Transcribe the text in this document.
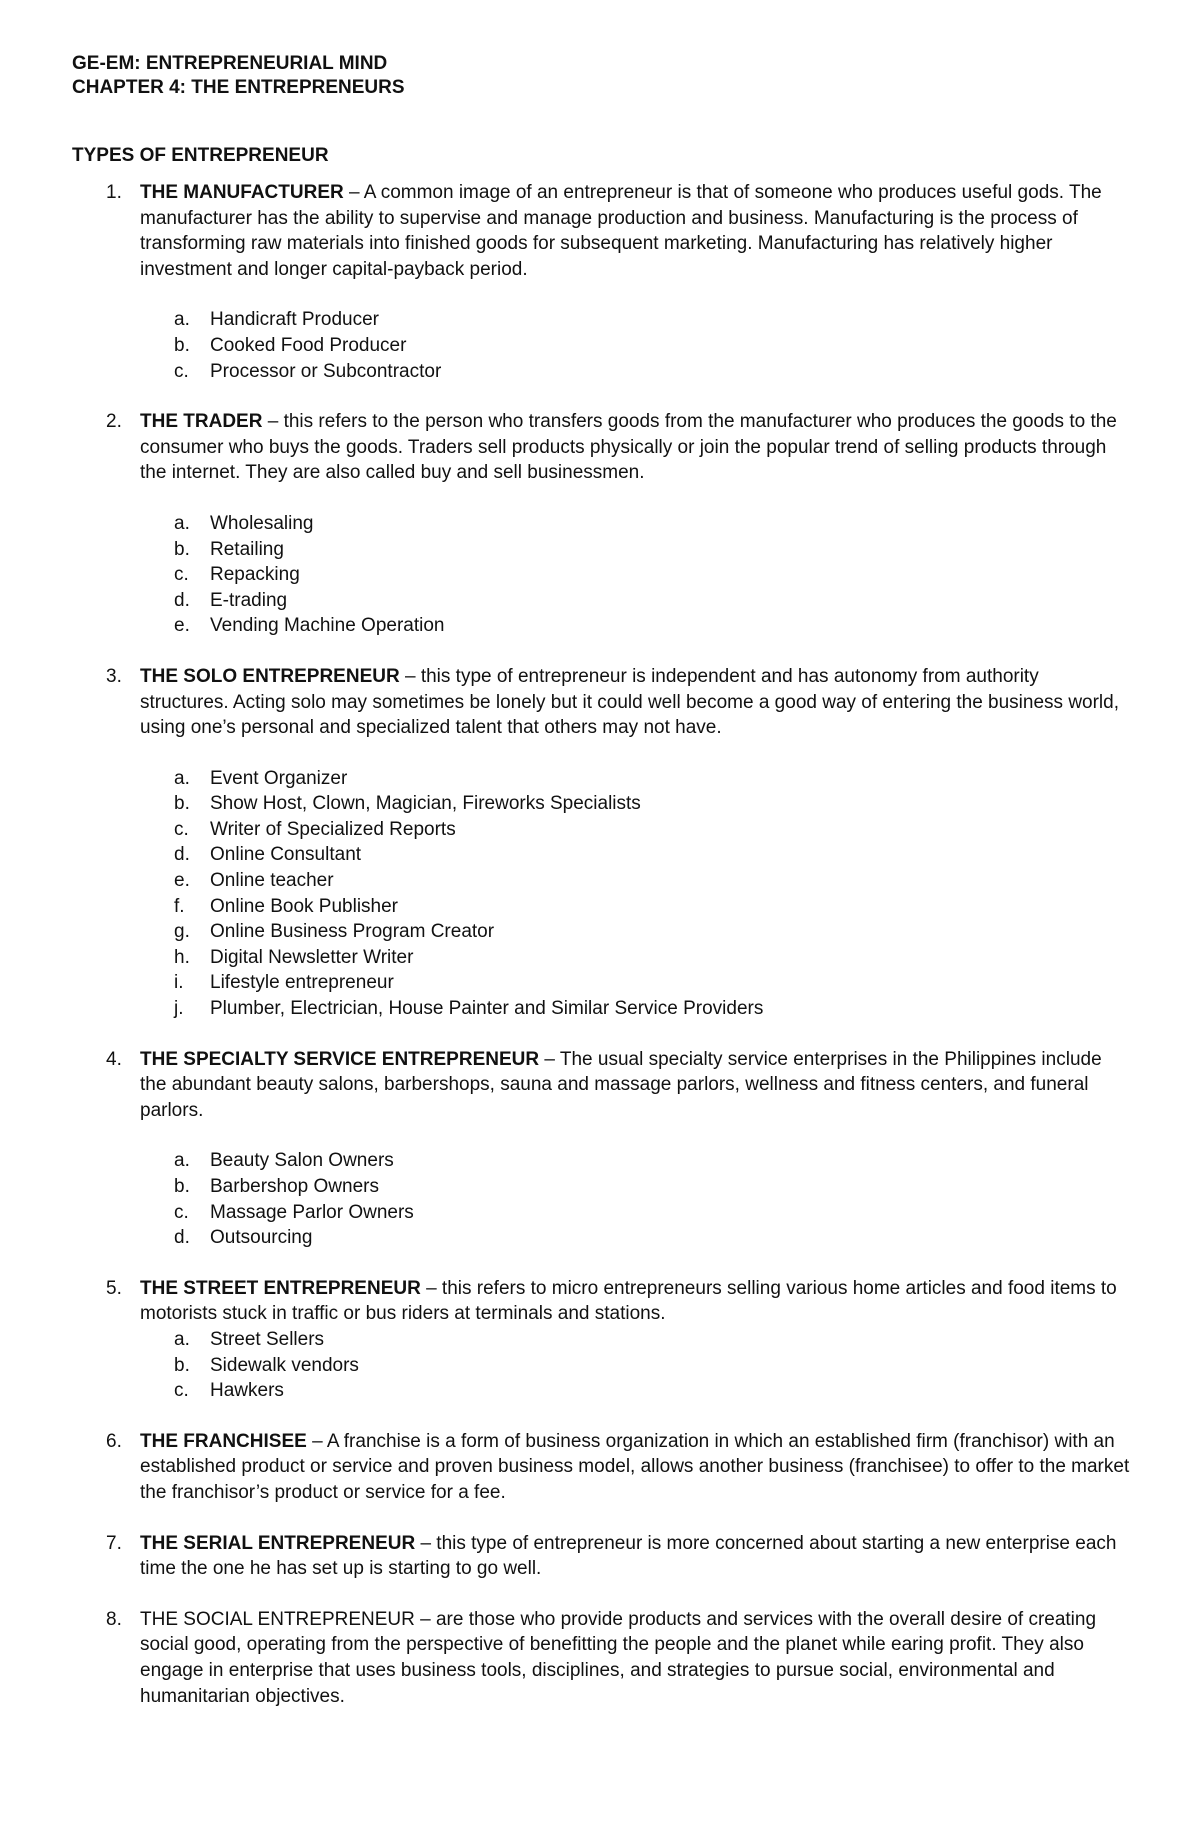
GE-EM: ENTREPRENEURIAL MIND
CHAPTER 4: THE ENTREPRENEURS
TYPES OF ENTREPRENEUR
1. THE MANUFACTURER – A common image of an entrepreneur is that of someone who produces useful gods. The manufacturer has the ability to supervise and manage production and business. Manufacturing is the process of transforming raw materials into finished goods for subsequent marketing. Manufacturing has relatively higher investment and longer capital-payback period.

a.	Handicraft Producer
b.	Cooked Food Producer
c.	Processor or Subcontractor
2. THE TRADER – this refers to the person who transfers goods from the manufacturer who produces the goods to the consumer who buys the goods. Traders sell products physically or join the popular trend of selling products through the internet. They are also called buy and sell businessmen.

a.	Wholesaling
b.	Retailing
c.	Repacking
d.	E-trading
e.	Vending Machine Operation
3. THE SOLO ENTREPRENEUR – this type of entrepreneur is independent and has autonomy from authority structures. Acting solo may sometimes be lonely but it could well become a good way of entering the business world, using one’s personal and specialized talent that others may not have.

a.	Event Organizer
b.	Show Host, Clown, Magician, Fireworks Specialists
c.	Writer of Specialized Reports
d.	Online Consultant
e.	Online teacher
f.	Online Book Publisher
g.	Online Business Program Creator
h.	Digital Newsletter Writer
i.	Lifestyle entrepreneur
j.	Plumber, Electrician, House Painter and Similar Service Providers
4. THE SPECIALTY SERVICE ENTREPRENEUR – The usual specialty service enterprises in the Philippines include the abundant beauty salons, barbershops, sauna and massage parlors, wellness and fitness centers, and funeral parlors.

a.	Beauty Salon Owners
b.	Barbershop Owners
c.	Massage Parlor Owners
d.	Outsourcing
5. THE STREET ENTREPRENEUR – this refers to micro entrepreneurs selling various home articles and food items to motorists stuck in traffic or bus riders at terminals and stations.

a.	Street Sellers
b.	Sidewalk vendors
c.	Hawkers
6. THE FRANCHISEE – A franchise is a form of business organization in which an established firm (franchisor) with an established product or service and proven business model, allows another business (franchisee) to offer to the market the franchisor’s product or service for a fee.

7. THE SERIAL ENTREPRENEUR – this type of entrepreneur is more concerned about starting a new enterprise each time the one he has set up is starting to go well.

8. THE SOCIAL ENTREPRENEUR – are those who provide products and services with the overall desire of creating social good, operating from the perspective of benefitting the people and the planet while earing profit. They also engage in enterprise that uses business tools, disciplines, and strategies to pursue social, environmental and humanitarian objectives.
